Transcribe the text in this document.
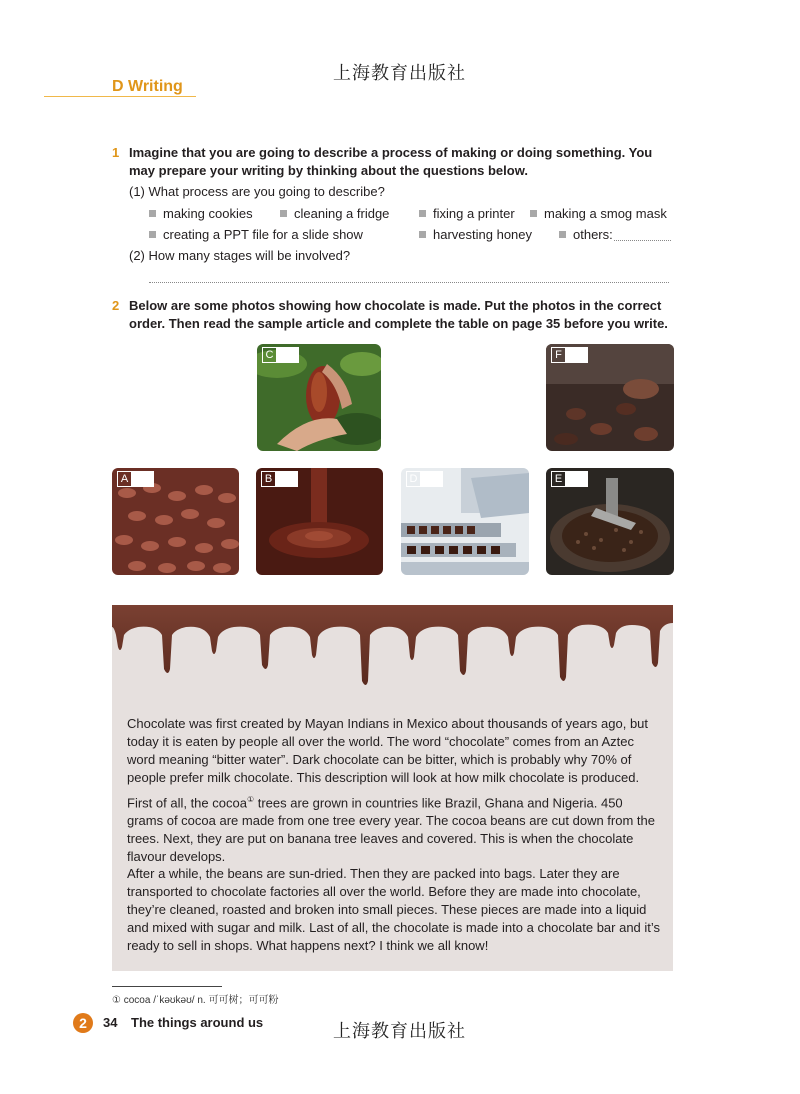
上海教育出版社
D Writing
1 Imagine that you are going to describe a process of making or doing something. You
may prepare your writing by thinking about the questions below.
(1) What process are you going to describe?
making cookies	cleaning a fridge	fixing a printer	making a smog mask
creating a PPT file for a slide show	harvesting honey	others:
(2) How many stages will be involved?
2 Below are some photos showing how chocolate is made. Put the photos in the correct
order. Then read the sample article and complete the table on page 35 before you write.
C	F
A	B	D	E
Chocolate was first created by Mayan Indians in Mexico about thousands of years ago, but today it is eaten by people all over the world. The word “chocolate” comes from an Aztec word meaning “bitter water”. Dark chocolate can be bitter, which is probably why 70% of people prefer milk chocolate. This description will look at how milk chocolate is produced.
First of all, the cocoa① trees are grown in countries like Brazil, Ghana and Nigeria. 450 grams of cocoa are made from one tree every year. The cocoa beans are cut down from the trees. Next, they are put on banana tree leaves and covered. This is when the chocolate flavour develops.
After a while, the beans are sun-dried. Then they are packed into bags. Later they are transported to chocolate factories all over the world. Before they are made into chocolate, they’re cleaned, roasted and broken into small pieces. These pieces are made into a liquid and mixed with sugar and milk. Last of all, the chocolate is made into a chocolate bar and it’s ready to sell in shops. What happens next? I think we all know!
① cocoa /ˈkəʊkəʊ/ n. 可可树；可可粉
2 34 The things around us	上海教育出版社
